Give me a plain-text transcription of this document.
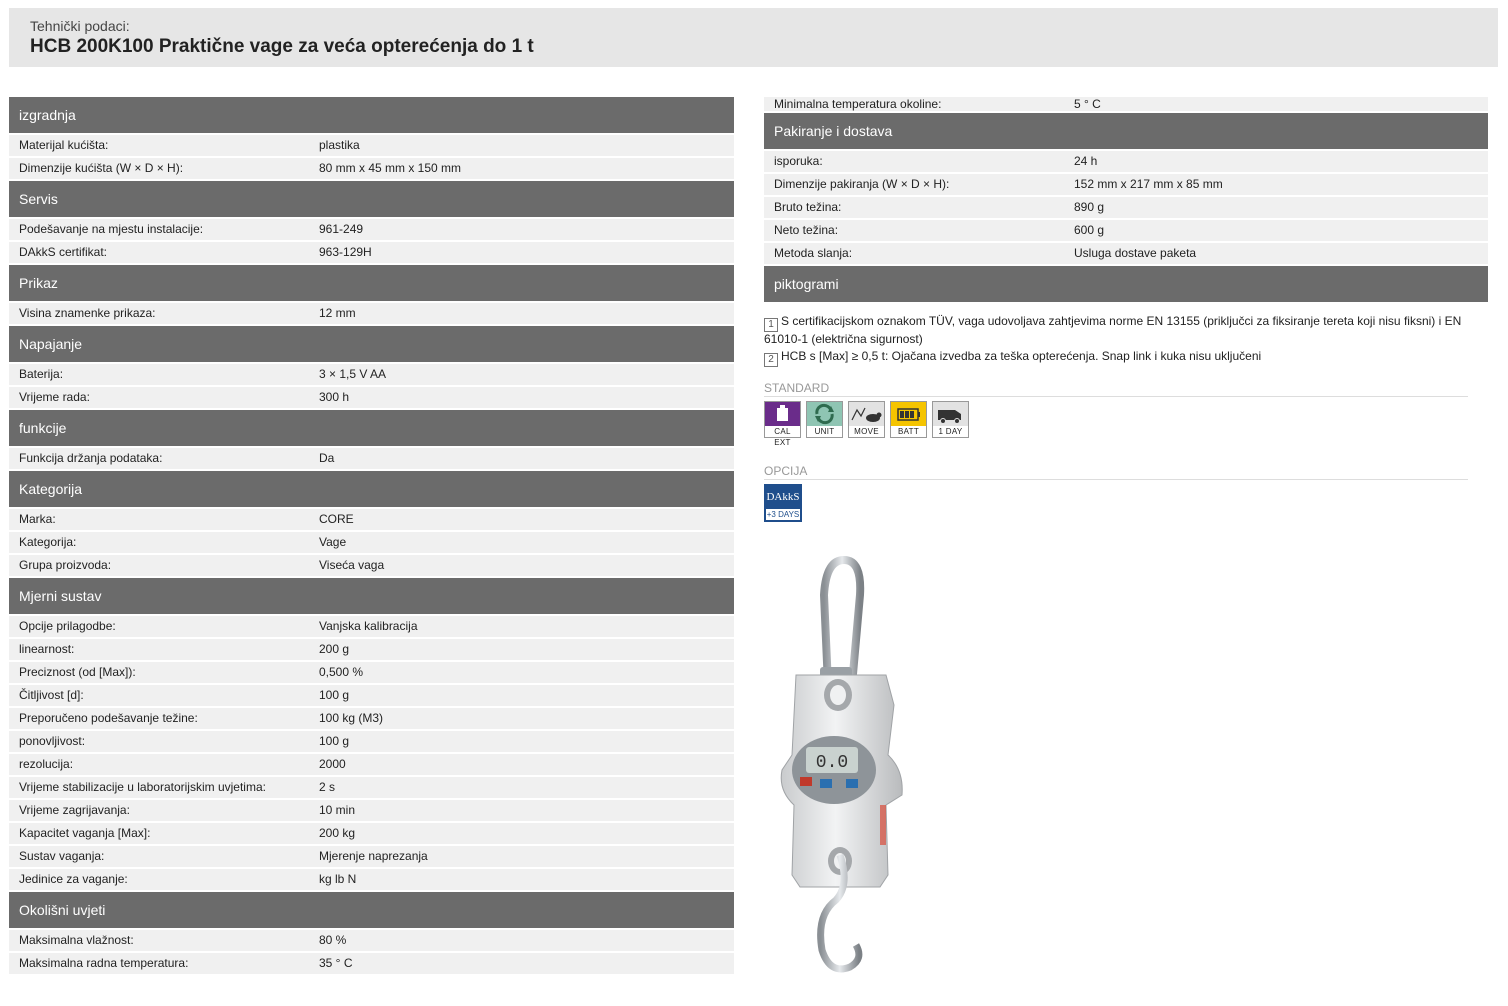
Tehnički podaci:
HCB 200K100 Praktične vage za veća opterećenja do 1 t
izgradnja
Materijal kućišta:	plastika
Dimenzije kućišta (W × D × H):	80 mm x 45 mm x 150 mm
Servis
Podešavanje na mjestu instalacije:	961-249
DAkkS certifikat:	963-129H
Prikaz
Visina znamenke prikaza:	12 mm
Napajanje
Baterija:	3 × 1,5 V AA
Vrijeme rada:	300 h
funkcije
Funkcija držanja podataka:	Da
Kategorija
Marka:	CORE
Kategorija:	Vage
Grupa proizvoda:	Viseća vaga
Mjerni sustav
Opcije prilagodbe:	Vanjska kalibracija
linearnost:	200 g
Preciznost (od [Max]):	0,500 %
Čitljivost [d]:	100 g
Preporučeno podešavanje težine:	100 kg (M3)
ponovljivost:	100 g
rezolucija:	2000
Vrijeme stabilizacije u laboratorijskim uvjetima:	2 s
Vrijeme zagrijavanja:	10 min
Kapacitet vaganja [Max]:	200 kg
Sustav vaganja:	Mjerenje naprezanja
Jedinice za vaganje:	kg lb N
Okolišni uvjeti
Maksimalna vlažnost:	80 %
Maksimalna radna temperatura:	35 ° C
Minimalna temperatura okoline:	5 ° C
Pakiranje i dostava
isporuka:	24 h
Dimenzije pakiranja (W × D × H):	152 mm x 217 mm x 85 mm
Bruto težina:	890 g
Neto težina:	600 g
Metoda slanja:	Usluga dostave paketa
piktogrami
1 S certifikacijskom oznakom TÜV, vaga udovoljava zahtjevima norme EN 13155 (priključci za fiksiranje tereta koji nisu fiksni) i EN 61010-1 (električna sigurnost)
2 HCB s [Max] ≥ 0,5 t: Ojačana izvedba za teška opterećenja. Snap link i kuka nisu uključeni
STANDARD
CAL EXT
UNIT	MOVE	BATT	1 DAY
OPCIJA
DAkkS
+3 DAYS
0.0
